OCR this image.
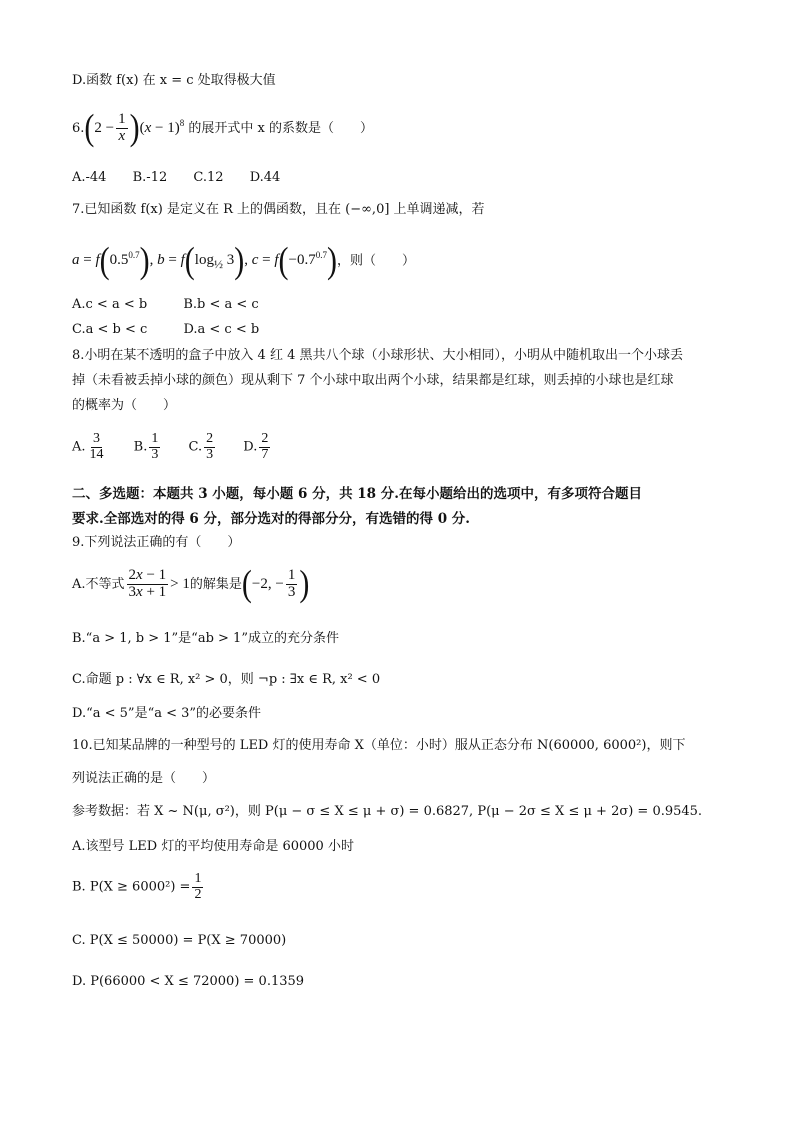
D.函数 f(x) 在 x = c 处取得极大值
$6.(2 - \frac{1}{x} )(x - 1)^8$ 的展开式中 x 的系数是（　　）
A.-44 B.-12 C.12 D.44
7.已知函数 f(x) 是定义在 R 上的偶函数，且在 (−∞,0] 上单调递减，若
$a = f(0.5^{0.7})$, $b = f(\log_{\frac{1}{2}}$ 3), $c = f(-0.7^{0.7})$，则（　　）
A.c < a < b	B.b < a < c
C.a < b < c	D.a < c < b
8.小明在某不透明的盒子中放入 4 红 4 黑共八个球（小球形状、大小相同），小明从中随机取出一个小球丢
掉（未看被丢掉小球的颜色）现从剩下 7 个小球中取出两个小球，结果都是红球，则丢掉的小球也是红球
的概率为（　　）
A. $\frac{3}{14} B$. $\frac{1}{3} C$. $\frac{2}{3} D$. $\frac{2}{7}$
二、多选题：本题共 3 小题，每小题 6 分，共 18 分.在每小题给出的选项中，有多项符合题目
要求.全部选对的得 6 分，部分选对的得部分分，有选错的得 0 分.
9.下列说法正确的有（　　）
A.不等式 $\frac{2x - 1}{3x + 1} > 1$的解集是(−2, − $\frac{1}{3}$ )
B.“a > 1, b > 1”是“ab > 1”成立的充分条件
C.命题 p : ∀x ∈ R, x² > 0，则 ¬p : ∃x ∈ R, x² < 0
D.“a < 5”是“a < 3”的必要条件
10.已知某品牌的一种型号的 LED 灯的使用寿命 X（单位：小时）服从正态分布 N(60000, 6000²)，则下
列说法正确的是（　　）
参考数据：若 X ~ N(μ, σ²)，则 P(μ − σ ≤ X ≤ μ + σ) = 0.6827, P(μ − 2σ ≤ X ≤ μ + 2σ) = 0.9545.
A.该型号 LED 灯的平均使用寿命是 60000 小时
B. $P(X \ge 6000^2) = \frac{1}{2}$
C. P(X ≤ 50000) = P(X ≥ 70000)
D. P(66000 < X ≤ 72000) = 0.1359
